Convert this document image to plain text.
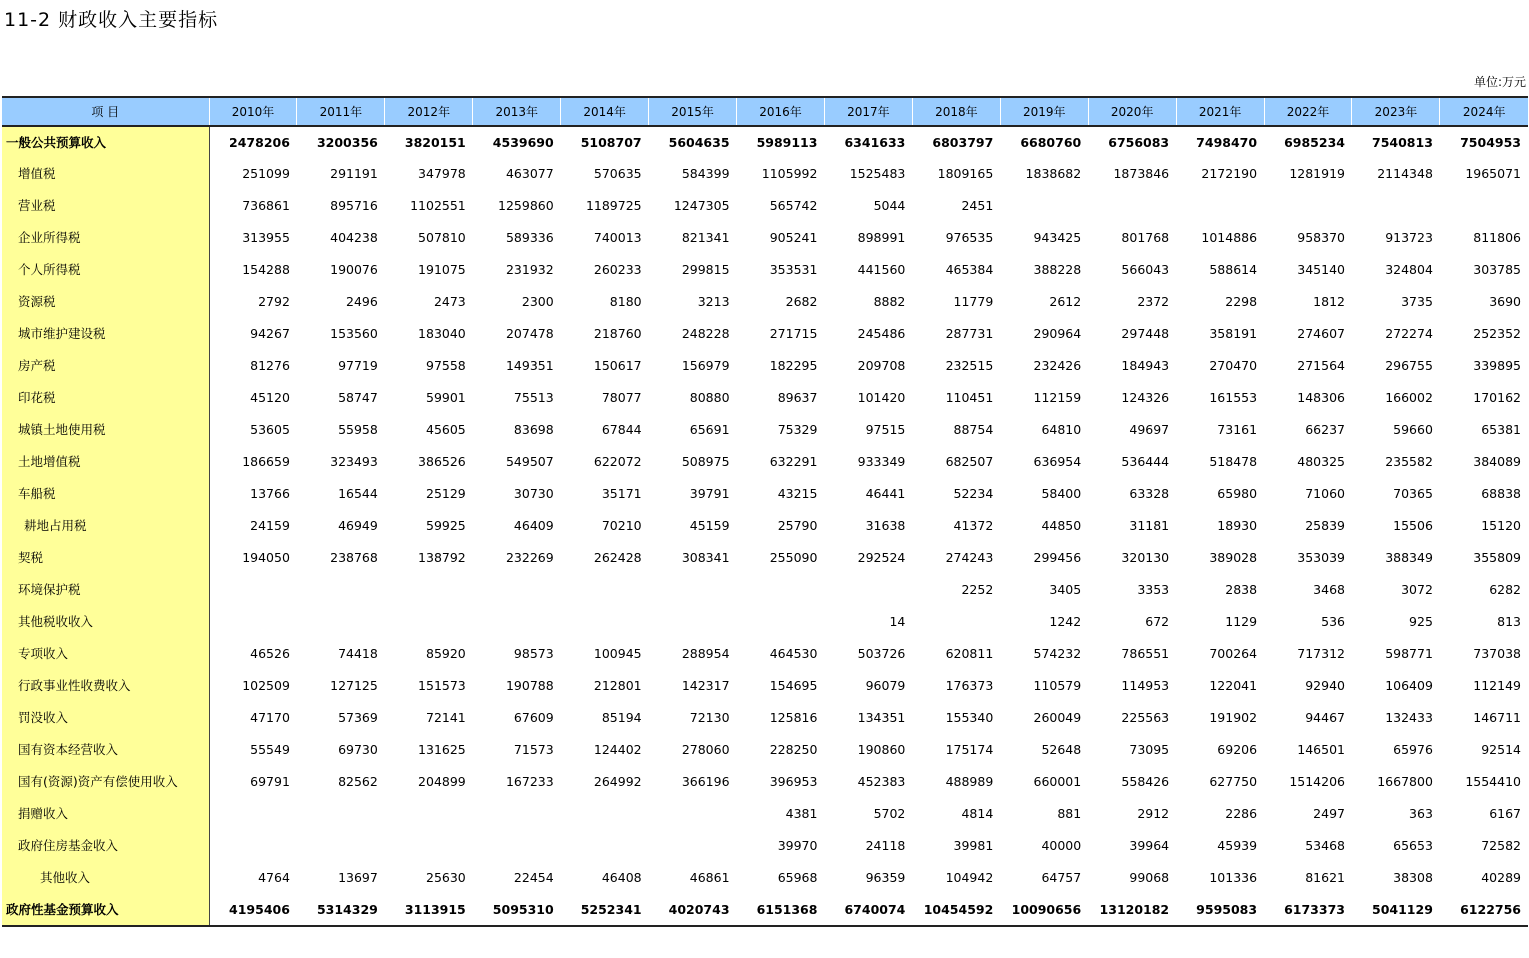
11-2 财政收入主要指标
单位:万元
项 目	2010年	2011年	2012年	2013年	2014年	2015年	2016年	2017年	2018年	2019年	2020年	2021年	2022年	2023年	2024年
一般公共预算收入	2478206	3200356	3820151	4539690	5108707	5604635	5989113	6341633	6803797	6680760	6756083	7498470	6985234	7540813	7504953
增值税	251099	291191	347978	463077	570635	584399	1105992	1525483	1809165	1838682	1873846	2172190	1281919	2114348	1965071
营业税	736861	895716	1102551	1259860	1189725	1247305	565742	5044	2451						
企业所得税	313955	404238	507810	589336	740013	821341	905241	898991	976535	943425	801768	1014886	958370	913723	811806
个人所得税	154288	190076	191075	231932	260233	299815	353531	441560	465384	388228	566043	588614	345140	324804	303785
资源税	2792	2496	2473	2300	8180	3213	2682	8882	11779	2612	2372	2298	1812	3735	3690
城市维护建设税	94267	153560	183040	207478	218760	248228	271715	245486	287731	290964	297448	358191	274607	272274	252352
房产税	81276	97719	97558	149351	150617	156979	182295	209708	232515	232426	184943	270470	271564	296755	339895
印花税	45120	58747	59901	75513	78077	80880	89637	101420	110451	112159	124326	161553	148306	166002	170162
城镇土地使用税	53605	55958	45605	83698	67844	65691	75329	97515	88754	64810	49697	73161	66237	59660	65381
土地增值税	186659	323493	386526	549507	622072	508975	632291	933349	682507	636954	536444	518478	480325	235582	384089
车船税	13766	16544	25129	30730	35171	39791	43215	46441	52234	58400	63328	65980	71060	70365	68838
耕地占用税	24159	46949	59925	46409	70210	45159	25790	31638	41372	44850	31181	18930	25839	15506	15120
契税	194050	238768	138792	232269	262428	308341	255090	292524	274243	299456	320130	389028	353039	388349	355809
环境保护税									2252	3405	3353	2838	3468	3072	6282
其他税收收入								14		1242	672	1129	536	925	813
专项收入	46526	74418	85920	98573	100945	288954	464530	503726	620811	574232	786551	700264	717312	598771	737038
行政事业性收费收入	102509	127125	151573	190788	212801	142317	154695	96079	176373	110579	114953	122041	92940	106409	112149
罚没收入	47170	57369	72141	67609	85194	72130	125816	134351	155340	260049	225563	191902	94467	132433	146711
国有资本经营收入	55549	69730	131625	71573	124402	278060	228250	190860	175174	52648	73095	69206	146501	65976	92514
国有(资源)资产有偿使用收入	69791	82562	204899	167233	264992	366196	396953	452383	488989	660001	558426	627750	1514206	1667800	1554410
捐赠收入							4381	5702	4814	881	2912	2286	2497	363	6167
政府住房基金收入							39970	24118	39981	40000	39964	45939	53468	65653	72582
其他收入	4764	13697	25630	22454	46408	46861	65968	96359	104942	64757	99068	101336	81621	38308	40289
政府性基金预算收入	4195406	5314329	3113915	5095310	5252341	4020743	6151368	6740074	10454592	10090656	13120182	9595083	6173373	5041129	6122756
